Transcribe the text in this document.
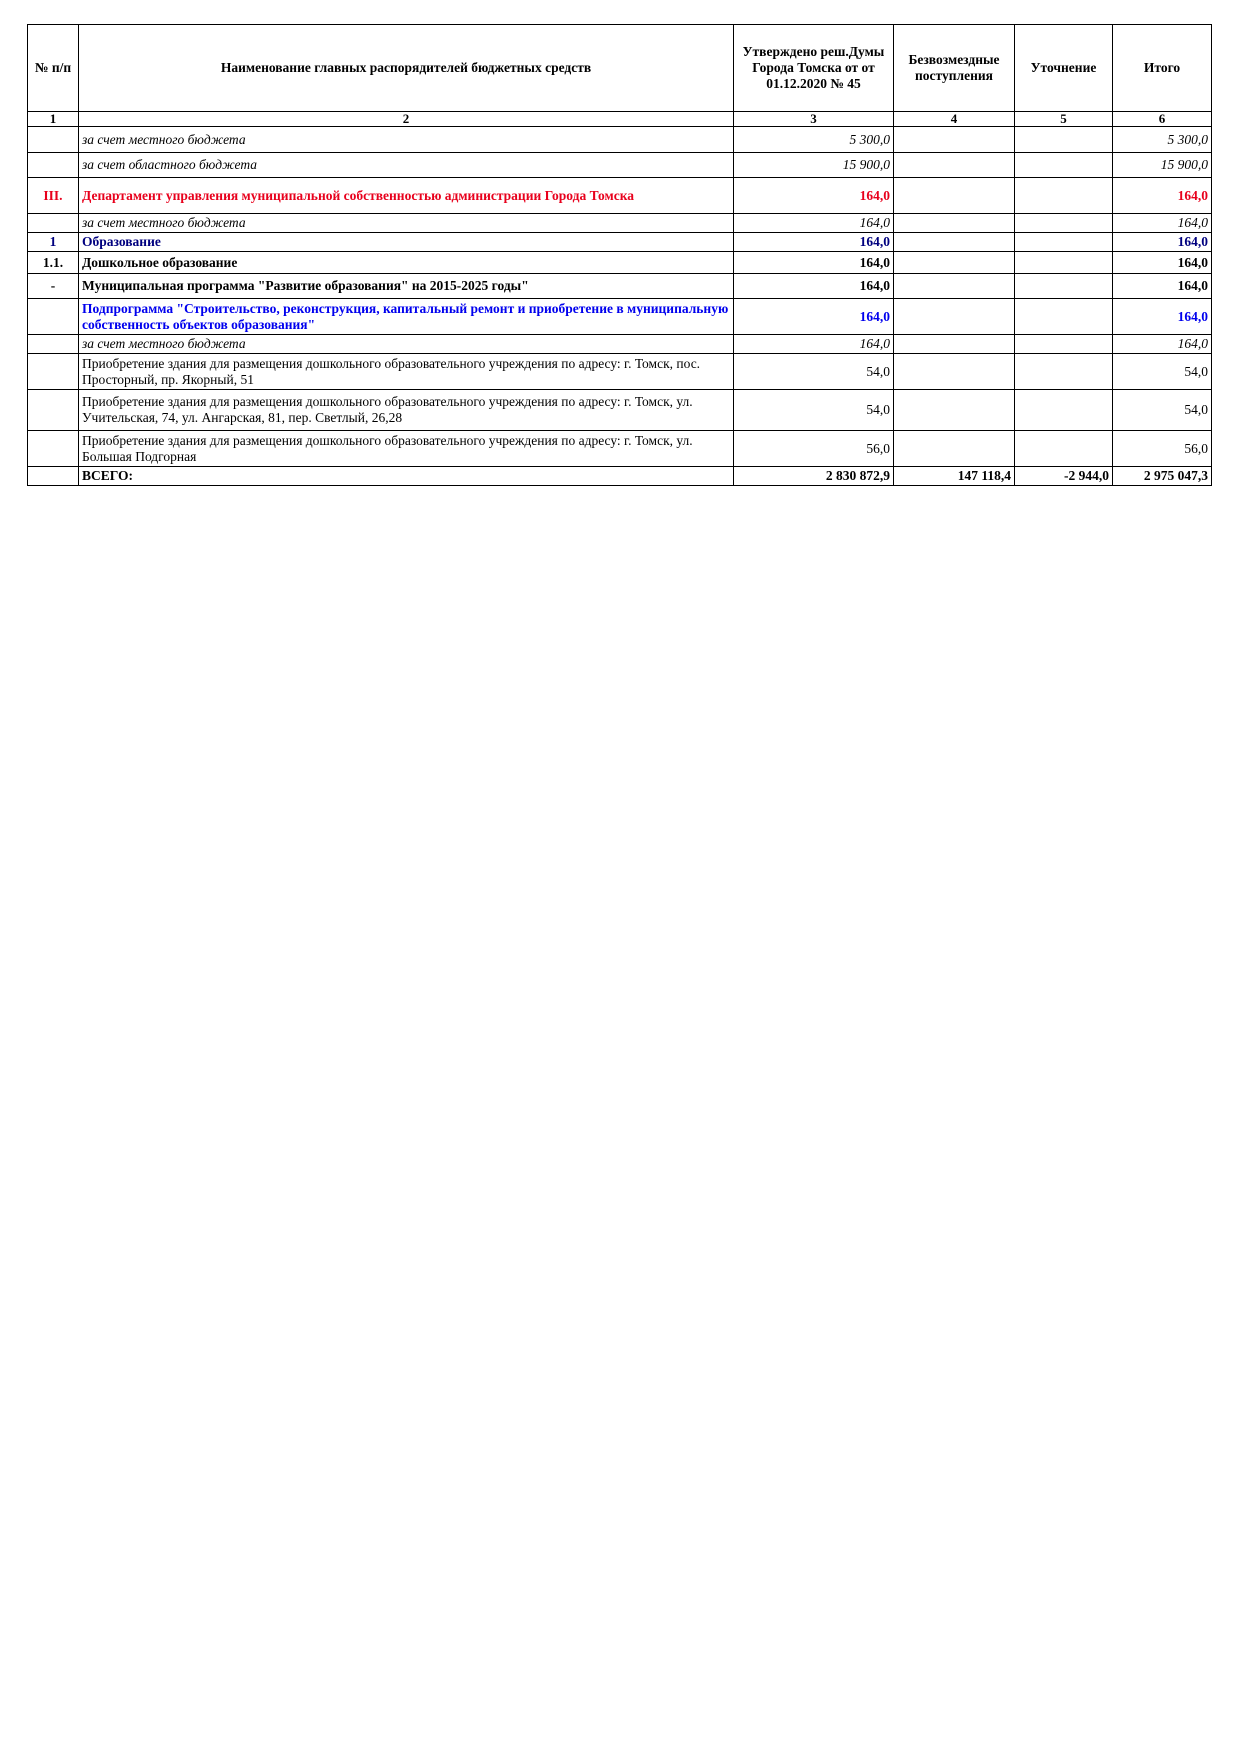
№ п/п	Наименование главных распорядителей бюджетных средств	Утверждено реш.Думы Города Томска от от 01.12.2020 № 45	Безвозмездные поступления	Уточнение	Итого
1	2	3	4	5	6
	за счет местного бюджета	5 300,0			5 300,0
	за счет областного бюджета	15 900,0			15 900,0
III.	Департамент управления муниципальной собственностью администрации Города Томска	164,0			164,0
	за счет местного бюджета	164,0			164,0
1	Образование	164,0			164,0
1.1.	Дошкольное образование	164,0			164,0
-	Муниципальная программа "Развитие образования" на 2015-2025 годы"	164,0			164,0
	Подпрограмма "Строительство, реконструкция, капитальный ремонт и приобретение в муниципальную собственность объектов образования"	164,0			164,0
	за счет местного бюджета	164,0			164,0
	Приобретение здания для размещения дошкольного образовательного учреждения по адресу: г. Томск, пос. Просторный, пр. Якорный, 51	54,0			54,0
	Приобретение здания для размещения дошкольного образовательного учреждения по адресу: г. Томск, ул. Учительская, 74, ул. Ангарская, 81, пер. Светлый, 26,28	54,0			54,0
	Приобретение здания для размещения дошкольного образовательного учреждения по адресу: г. Томск, ул. Большая Подгорная	56,0			56,0
	ВСЕГО:	2 830 872,9	147 118,4	-2 944,0	2 975 047,3
